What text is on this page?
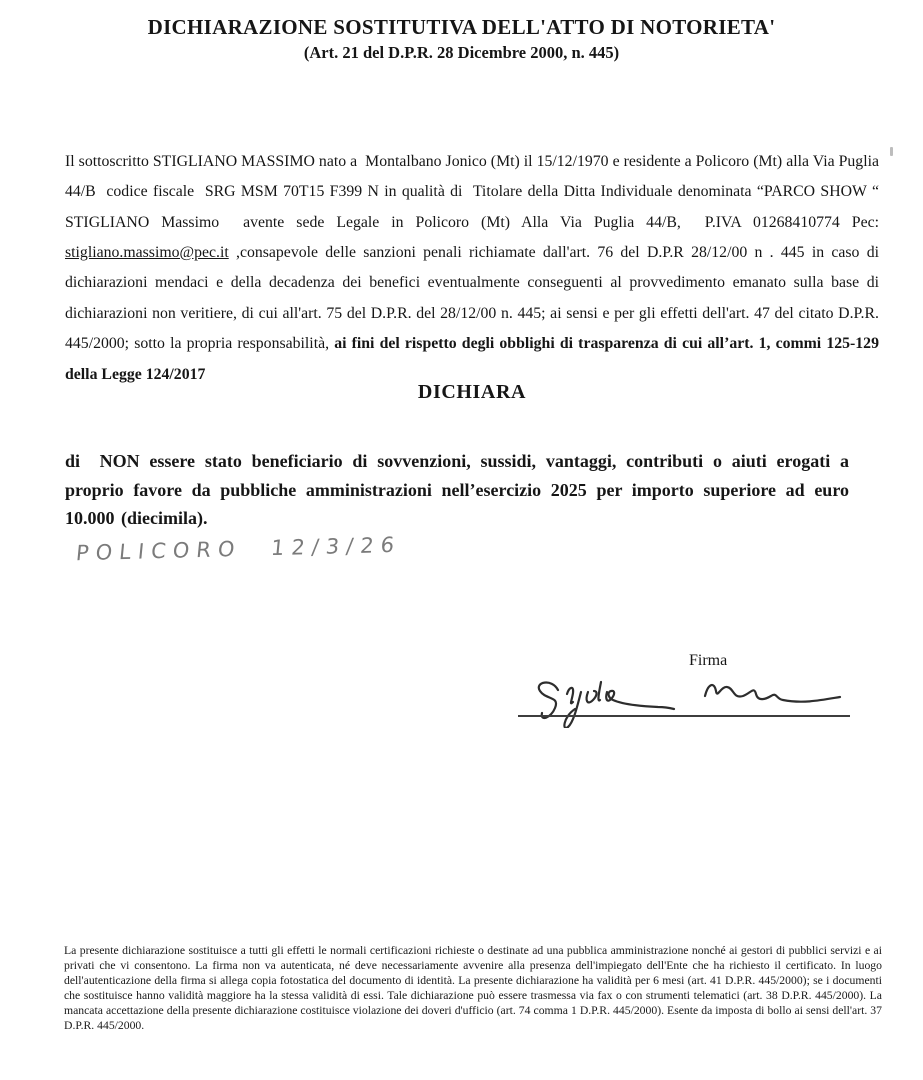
DICHIARAZIONE SOSTITUTIVA DELL'ATTO DI NOTORIETA'
(Art. 21 del D.P.R. 28 Dicembre 2000, n. 445)

Il sottoscritto STIGLIANO MASSIMO nato a  Montalbano Jonico (Mt) il 15/12/1970 e residente a Policoro (Mt) alla Via Puglia 44/B  codice fiscale  SRG MSM 70T15 F399 N in qualità di  Titolare della Ditta Individuale denominata “PARCO SHOW “ STIGLIANO Massimo  avente sede Legale in Policoro (Mt) Alla Via Puglia 44/B,  P.IVA 01268410774 Pec: stigliano.massimo@pec.it ,consapevole delle sanzioni penali richiamate dall'art. 76 del D.P.R 28/12/00 n . 445 in caso di dichiarazioni mendaci e della decadenza dei benefici eventualmente conseguenti al provvedimento emanato sulla base di dichiarazioni non veritiere, di cui all'art. 75 del D.P.R. del 28/12/00 n. 445; ai sensi e per gli effetti dell'art. 47 del citato D.P.R. 445/2000; sotto la propria responsabilità, ai fini del rispetto degli obblighi di trasparenza di cui all’art. 1, commi 125-129 della Legge 124/2017

DICHIARA

di  NON essere stato beneficiario di sovvenzioni, sussidi, vantaggi, contributi o aiuti erogati a proprio favore da pubbliche amministrazioni nell’esercizio 2025 per importo superiore ad euro 10.000 (diecimila).

POLICORO 12/3/26
Firma

La presente dichiarazione sostituisce a tutti gli effetti le normali certificazioni richieste o destinate ad una pubblica amministrazione nonché ai gestori di pubblici servizi e ai privati che vi consentono. La firma non va autenticata, né deve necessariamente avvenire alla presenza dell'impiegato dell'Ente che ha richiesto il certificato. In luogo dell'autenticazione della firma si allega copia fotostatica del documento di identità. La presente dichiarazione ha validità per 6 mesi (art. 41 D.P.R. 445/2000); se i documenti che sostituisce hanno validità maggiore ha la stessa validità di essi. Tale dichiarazione può essere trasmessa via fax o con strumenti telematici (art. 38 D.P.R. 445/2000). La mancata accettazione della presente dichiarazione costituisce violazione dei doveri d'ufficio (art. 74 comma 1 D.P.R. 445/2000). Esente da imposta di bollo ai sensi dell'art. 37 D.P.R. 445/2000.
